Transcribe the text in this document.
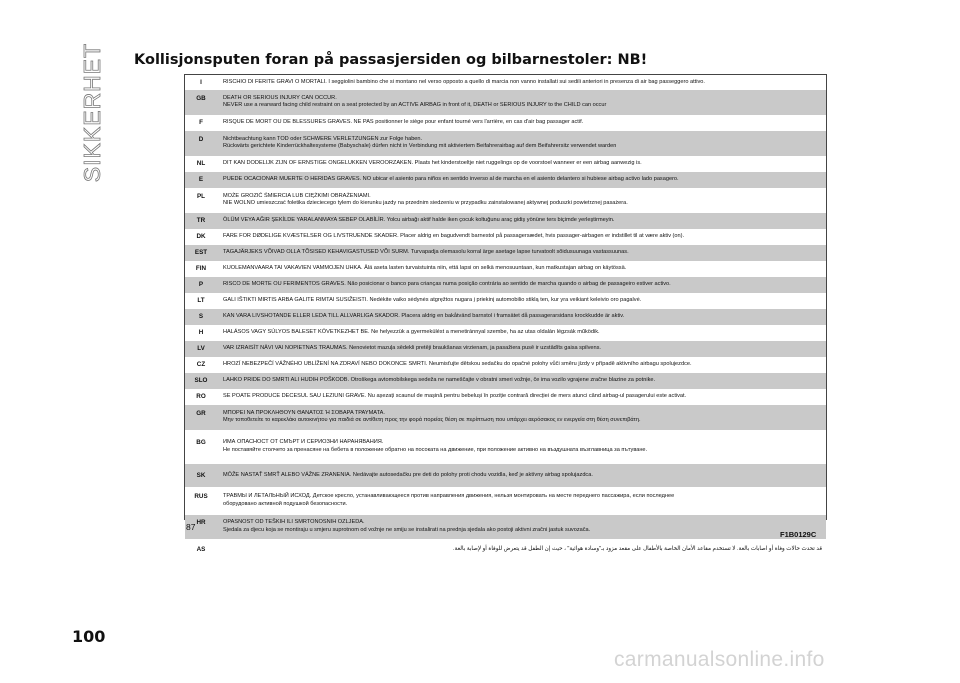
SIKKERHET Kollisjonsputen foran på passasjersiden og bilbarnestoler: NB!
I	RISCHIO DI FERITE GRAVI O MORTALI. I seggiolini bambino che si montano nel verso opposto a quello di marcia non vanno installati sui sedili anteriori in presenza di air bag passeggero attivo.
GB	DEATH OR SERIOUS INJURY CAN OCCUR.
NEVER use a rearward facing child restraint on a seat protected by an ACTIVE AIRBAG in front of it, DEATH or SERIOUS INJURY to the CHILD can occur
F	RISQUE DE MORT OU DE BLESSURES GRAVES. NE PAS positionner le siège pour enfant tourné vers l'arrière, en cas d'air bag passager actif.
D	Nichtbeachtung kann TOD oder SCHWERE VERLETZUNGEN zur Folge haben.
Rückwärts gerichtete Kinderrückhaltesysteme (Babyschale) dürfen nicht in Verbindung mit aktiviertem Beifahrerairbag auf dem Beifahrersitz verwendet warden
NL	DIT KAN DODELIJK ZIJN OF ERNSTIGE ONGELUKKEN VEROORZAKEN. Plaats het kinderstoeltje niet ruggelings op de voorstoel wanneer er een airbag aanwezig is.
E	PUEDE OCACIONAR MUERTE O HERIDAS GRAVES. NO ubicar el asiento para niños en sentido inverso al de marcha en el asiento delantero si hubiese airbag activo lado pasagero.
PL	MOŻE GROZIĆ ŚMIERCIA LUB CIĘŻKIMI OBRAŻENIAMI.
NIE WOLNO umieszczać foletika dzieciecego tylem do kierunku jazdy na przednim siedzeniu w przypadku zainstalowanej aktywnej poduszki powietrznej pasażera.
TR	ÖLÜM VEYA AĞIR ŞEKİLDE YARALANMAYA SEBEP OLABİLİR. Yolcu airbağı aktif halde iken çocuk koltuğunu araç gidiş yönüne ters biçimde yerleştirmeyin.
DK	FARE FOR DØDELIGE KVÆSTELSER OG LIVSTRUENDE SKADER. Placer aldrig en bagudvendt barnestol på passagersædet, hvis passager-airbagen er indstillet til at være aktiv (on).
EST	TAGAJÄRJEKS VÕIVAD OLLA TÕSISED KEHAVIGASTUSED VÕI SURM. Turvapadja olemasolu korral ärge asetage lapse turvatoolt sõidusuunaga vastassuunas.
FIN	KUOLEMANVAARA TAI VAKAVIEN VAMMOJEN UHKA. Älä aseta lasten turvaistuinta niin, että lapsi on selkä menosuuntaan, kun matkustajan airbag on käytössä.
P	RISCO DE MORTE OU FERIMENTOS GRAVES. Não posicionar o banco para crianças numa posição contrária ao sentido de marcha quando o airbag de passageiro estiver activo.
LT	GALI IŠTIKTI MIRTIS ARBA GALITE RIMTAI SUSIŽEISTI. Nedėkite vaiko sėdynės atgręžtos nugara į priekinį automobilio stiklą ten, kur yra veikiant keleivio oro pagalvė.
S	KAN VARA LIVSHOTANDE ELLER LEDA TILL ALLVARLIGA SKADOR. Placera aldrig en bakåtvänd barnstol i framsätet då passagerarsidans krockkudde är aktiv.
H	HALÁSOS VAGY SÚLYOS BALESET KÖVETKEZHET BE. Ne helyezzük a gyermekülést a menetiránnyal szembe, ha az utas oldalán légzsák működik.
LV	VAR IZRAISĪT NĀVI VAI NOPIETNAS TRAUMAS. Nenovietot mazuļa sēdekli pretēji braukšanas virzienam, ja pasažiera pusē ir uzstādīts gaisa spilvens.
CZ	HROZÍ NEBEZPEČÍ VÁŽNÉHO UBLÍŽENÍ NA ZDRAVÍ NEBO DOKONCE SMRTI. Neumisťujte dětskou sedačku do opačné polohy vůči směru jízdy v případě aktivního airbagu spolujezdce.
SLO	LAHKO PRIDE DO SMRTI ALI HUDIH POŠKODB. Otroškega avtomobilskega sedeža ne nameščajte v obratni smeri vožnje, če ima vozilo vgrajene zračne blazine za potnike.
RO	SE POATE PRODUCE DECESUL SAU LEZIUNI GRAVE. Nu așezați scaunul de mașină pentru bebeluși în poziție contrară direcției de mers atunci când airbag-ul pasagerului este activat.
GR	ΜΠΟΡΕΙ ΝΑ ΠΡΟΚΛΗΘΟΥΝ ΘΑΝΑΤΟΣ Ή ΣΟΒΑΡΑ ΤΡΑΥΜΑΤΑ.
Μην τοποθετείτε το καρεκλάκι αυτοκινήτου για παιδιά σε αντίθετη προς την φορά πορείας θέση σε περίπτωση που υπάρχει αερόσακος εν ενεργεία στη θέση συνεπιβάτη.
BG	ИМА ОПАСНОСТ ОТ СМЪРТ И СЕРИОЗНИ НАРАНЯВАНИЯ.
Не поставяйте столчето за пренасяне на бебета в положение обратно на посоката на движение, при положение активно на въздушната възглавница за пътуване.
SK	MÔŽE NASTAŤ SMRŤ ALEBO VÁŽNE ZRANENIA. Nedávajte autosedačku pre deti do polohy proti chodu vozidla, keď je aktívny airbag spolujazdca.
RUS	ТРАВМЫ И ЛЕТАЛЬНЫЙ ИСХОД. Детское кресло, устанавливающееся против направления движения, нельзя монтировать на месте переднего пассажира, если последнее
оборудовано активной подушкой безопасности.
HR	OPASNOST OD TEŠKIH ILI SMRTONOSNIH OZLJEDA.
Sjedala za djecu koja se montiraju u smjeru suprotnom od vožnje ne smiju se instalirati na prednja sjedala ako postoji aktivni zračni jastuk suvozača.
AS	قد تحدث حالات وفاة أو اصابات بالغة. لا تستخدم مقاعد الأمان الخاصة بالأطفال على مقعد مزود بـ"وسادة هوائية" ، حيث إن الطفل قد يتعرض للوفاة أو لإصابة بالغة.
87
F1B0129C
100
carmanualsonline.info
